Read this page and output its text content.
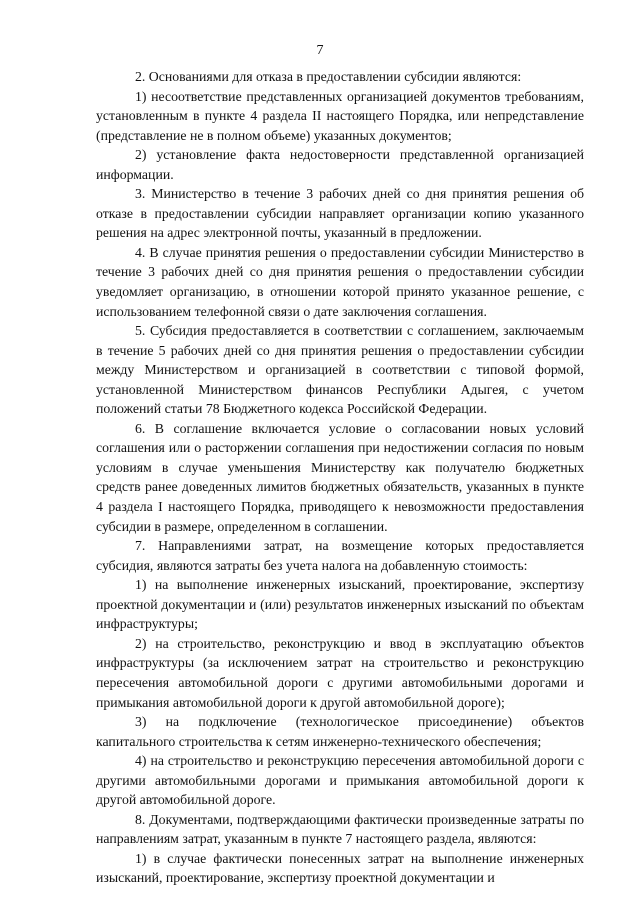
7

2. Основаниями для отказа в предоставлении субсидии являются:

1) несоответствие представленных организацией документов требованиям, установленным в пункте 4 раздела II настоящего Порядка, или непредставление (представление не в полном объеме) указанных документов;

2) установление факта недостоверности представленной организацией информации.

3. Министерство в течение 3 рабочих дней со дня принятия решения об отказе в предоставлении субсидии направляет организации копию указанного решения на адрес электронной почты, указанный в предложении.

4. В случае принятия решения о предоставлении субсидии Министерство в течение 3 рабочих дней со дня принятия решения о предоставлении субсидии уведомляет организацию, в отношении которой принято указанное решение, с использованием телефонной связи о дате заключения соглашения.

5. Субсидия предоставляется в соответствии с соглашением, заключаемым в течение 5 рабочих дней со дня принятия решения о предоставлении субсидии между Министерством и организацией в соответствии с типовой формой, установленной Министерством финансов Республики Адыгея, с учетом положений статьи 78 Бюджетного кодекса Российской Федерации.

6. В соглашение включается условие о согласовании новых условий соглашения или о расторжении соглашения при недостижении согласия по новым условиям в случае уменьшения Министерству как получателю бюджетных средств ранее доведенных лимитов бюджетных обязательств, указанных в пункте 4 раздела I настоящего Порядка, приводящего к невозможности предоставления субсидии в размере, определенном в соглашении.

7. Направлениями затрат, на возмещение которых предоставляется субсидия, являются затраты без учета налога на добавленную стоимость:

1) на выполнение инженерных изысканий, проектирование, экспертизу проектной документации и (или) результатов инженерных изысканий по объектам инфраструктуры;

2) на строительство, реконструкцию и ввод в эксплуатацию объектов инфраструктуры (за исключением затрат на строительство и реконструкцию пересечения автомобильной дороги с другими автомобильными дорогами и примыкания автомобильной дороги к другой автомобильной дороге);

3) на подключение (технологическое присоединение) объектов капитального строительства к сетям инженерно-технического обеспечения;

4) на строительство и реконструкцию пересечения автомобильной дороги с другими автомобильными дорогами и примыкания автомобильной дороги к другой автомобильной дороге.

8. Документами, подтверждающими фактически произведенные затраты по направлениям затрат, указанным в пункте 7 настоящего раздела, являются:

1) в случае фактически понесенных затрат на выполнение инженерных изысканий, проектирование, экспертизу проектной документации и
